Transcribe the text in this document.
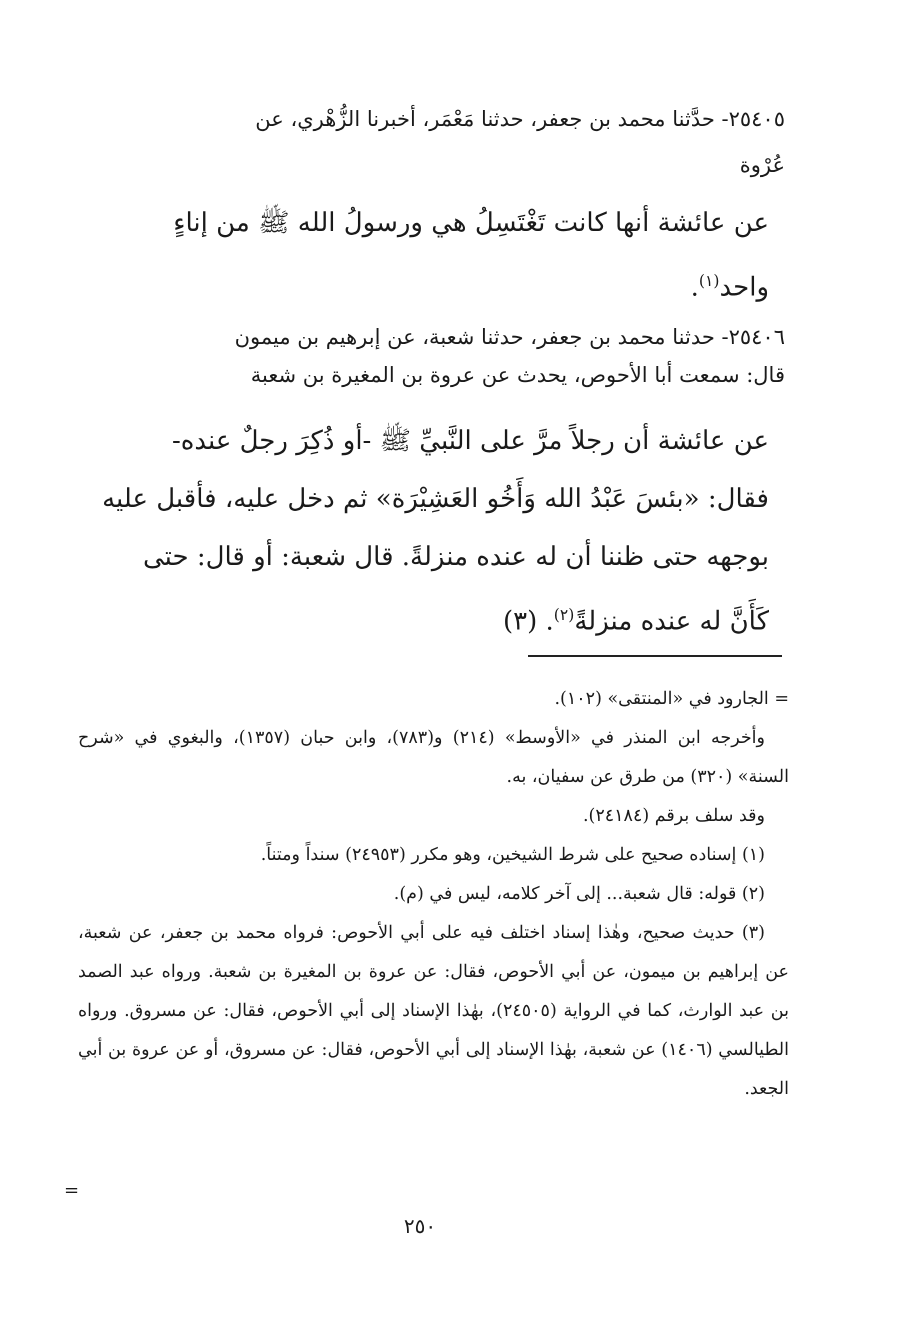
٢٥٤٠٥- حدَّثنا محمد بن جعفر، حدثنا مَعْمَر، أخبرنا الزُّهْري، عن

عُرْوة

عن عائشة أنها كانت تَغْتَسِلُ هي ورسولُ الله ﷺ من إناءٍ

واحد$^{(١)}$.

٢٥٤٠٦- حدثنا محمد بن جعفر، حدثنا شعبة، عن إبرهيم بن ميمون

قال: سمعت أبا الأحوص، يحدث عن عروة بن المغيرة بن شعبة

عن عائشة أن رجلاً مرَّ على النَّبيِّ ﷺ -أو ذُكِرَ رجلٌ عنده-

فقال: «بئسَ عَبْدُ الله وَأَخُو العَشِيْرَة» ثم دخل عليه، فأقبل عليه

بوجهه حتى ظننا أن له عنده منزلةً. قال شعبة: أو قال: حتى

كَأَنَّ له عنده منزلةً$^{(٢)}$. (٣)

= الجارود في «المنتقى» (١٠٢).

وأخرجه ابن المنذر في «الأوسط» (٢١٤) و(٧٨٣)، وابن حبان (١٣٥٧)، والبغوي في «شرح السنة» (٣٢٠) من طرق عن سفيان، به.

وقد سلف برقم (٢٤١٨٤).

(١) إسناده صحيح على شرط الشيخين، وهو مكرر (٢٤٩٥٣) سنداً ومتناً.

(٢) قوله: قال شعبة... إلى آخر كلامه، ليس في (م).

(٣) حديث صحيح، وهٰذا إسناد اختلف فيه على أبي الأحوص: فرواه محمد بن جعفر، عن شعبة، عن إبراهيم بن ميمون، عن أبي الأحوص، فقال: عن عروة بن المغيرة بن شعبة. ورواه عبد الصمد بن عبد الوارث، كما في الرواية (٢٤٥٠٥)، بهٰذا الإسناد إلى أبي الأحوص، فقال: عن مسروق. ورواه الطيالسي (١٤٠٦) عن شعبة، بهٰذا الإسناد إلى أبي الأحوص، فقال: عن مسروق، أو عن عروة بن أبي الجعد.

=
٢٥٠
